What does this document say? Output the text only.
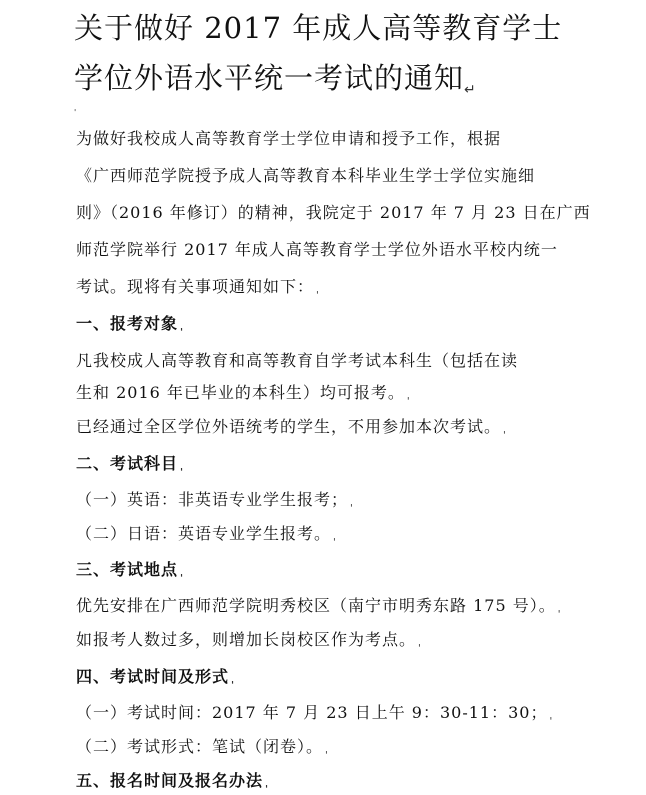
关于做好 2017 年成人高等教育学士
学位外语水平统一考试的通知↵
'
为做好我校成人高等教育学士学位申请和授予工作，根据
《广西师范学院授予成人高等教育本科毕业生学士学位实施细
则》（2016 年修订）的精神，我院定于 2017 年 7 月 23 日在广西
师范学院举行 2017 年成人高等教育学士学位外语水平校内统一
考试。现将有关事项通知如下： '
一、报考对象 '
凡我校成人高等教育和高等教育自学考试本科生（包括在读
生和 2016 年已毕业的本科生）均可报考。 '
已经通过全区学位外语统考的学生，不用参加本次考试。 '
二、考试科目 '
（一）英语：非英语专业学生报考； '
（二）日语：英语专业学生报考。 '
三、考试地点 '
优先安排在广西师范学院明秀校区（南宁市明秀东路 175 号）。 '
如报考人数过多，则增加长岗校区作为考点。 '
四、考试时间及形式 '
（一）考试时间：2017 年 7 月 23 日上午 9：30-11：30； '
（二）考试形式：笔试（闭卷）。 '
五、报名时间及报名办法 '
